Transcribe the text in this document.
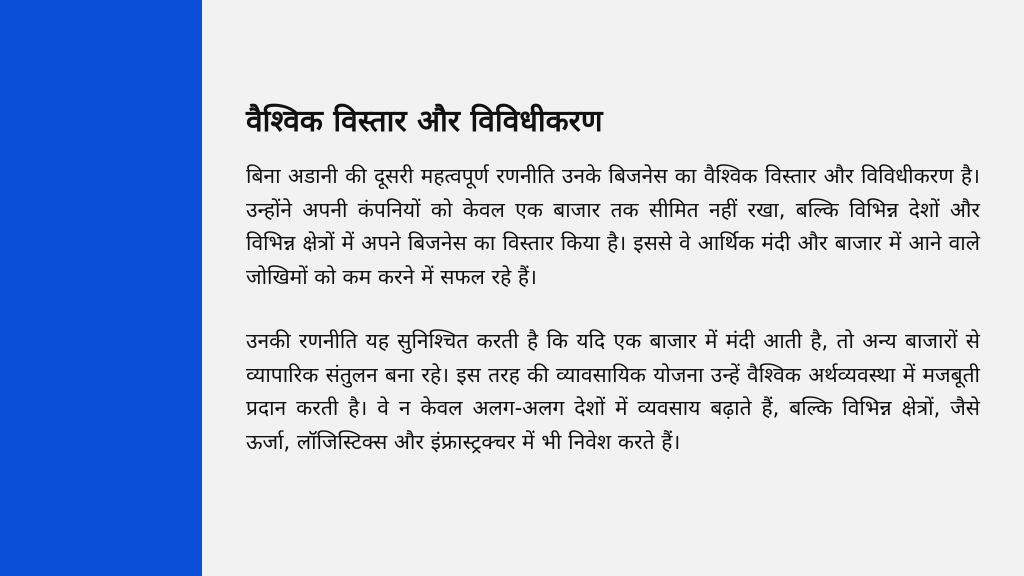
वैश्विक विस्तार और विविधीकरण

बिना अडानी की दूसरी महत्वपूर्ण रणनीति उनके बिजनेस का वैश्विक विस्तार और विविधीकरण है। उन्होंने अपनी कंपनियों को केवल एक बाजार तक सीमित नहीं रखा, बल्कि विभिन्न देशों और विभिन्न क्षेत्रों में अपने बिजनेस का विस्तार किया है। इससे वे आर्थिक मंदी और बाजार में आने वाले जोखिमों को कम करने में सफल रहे हैं।

उनकी रणनीति यह सुनिश्चित करती है कि यदि एक बाजार में मंदी आती है, तो अन्य बाजारों से व्यापारिक संतुलन बना रहे। इस तरह की व्यावसायिक योजना उन्हें वैश्विक अर्थव्यवस्था में मजबूती प्रदान करती है। वे न केवल अलग-अलग देशों में व्यवसाय बढ़ाते हैं, बल्कि विभिन्न क्षेत्रों, जैसे ऊर्जा, लॉजिस्टिक्स और इंफ्रास्ट्रक्चर में भी निवेश करते हैं।
